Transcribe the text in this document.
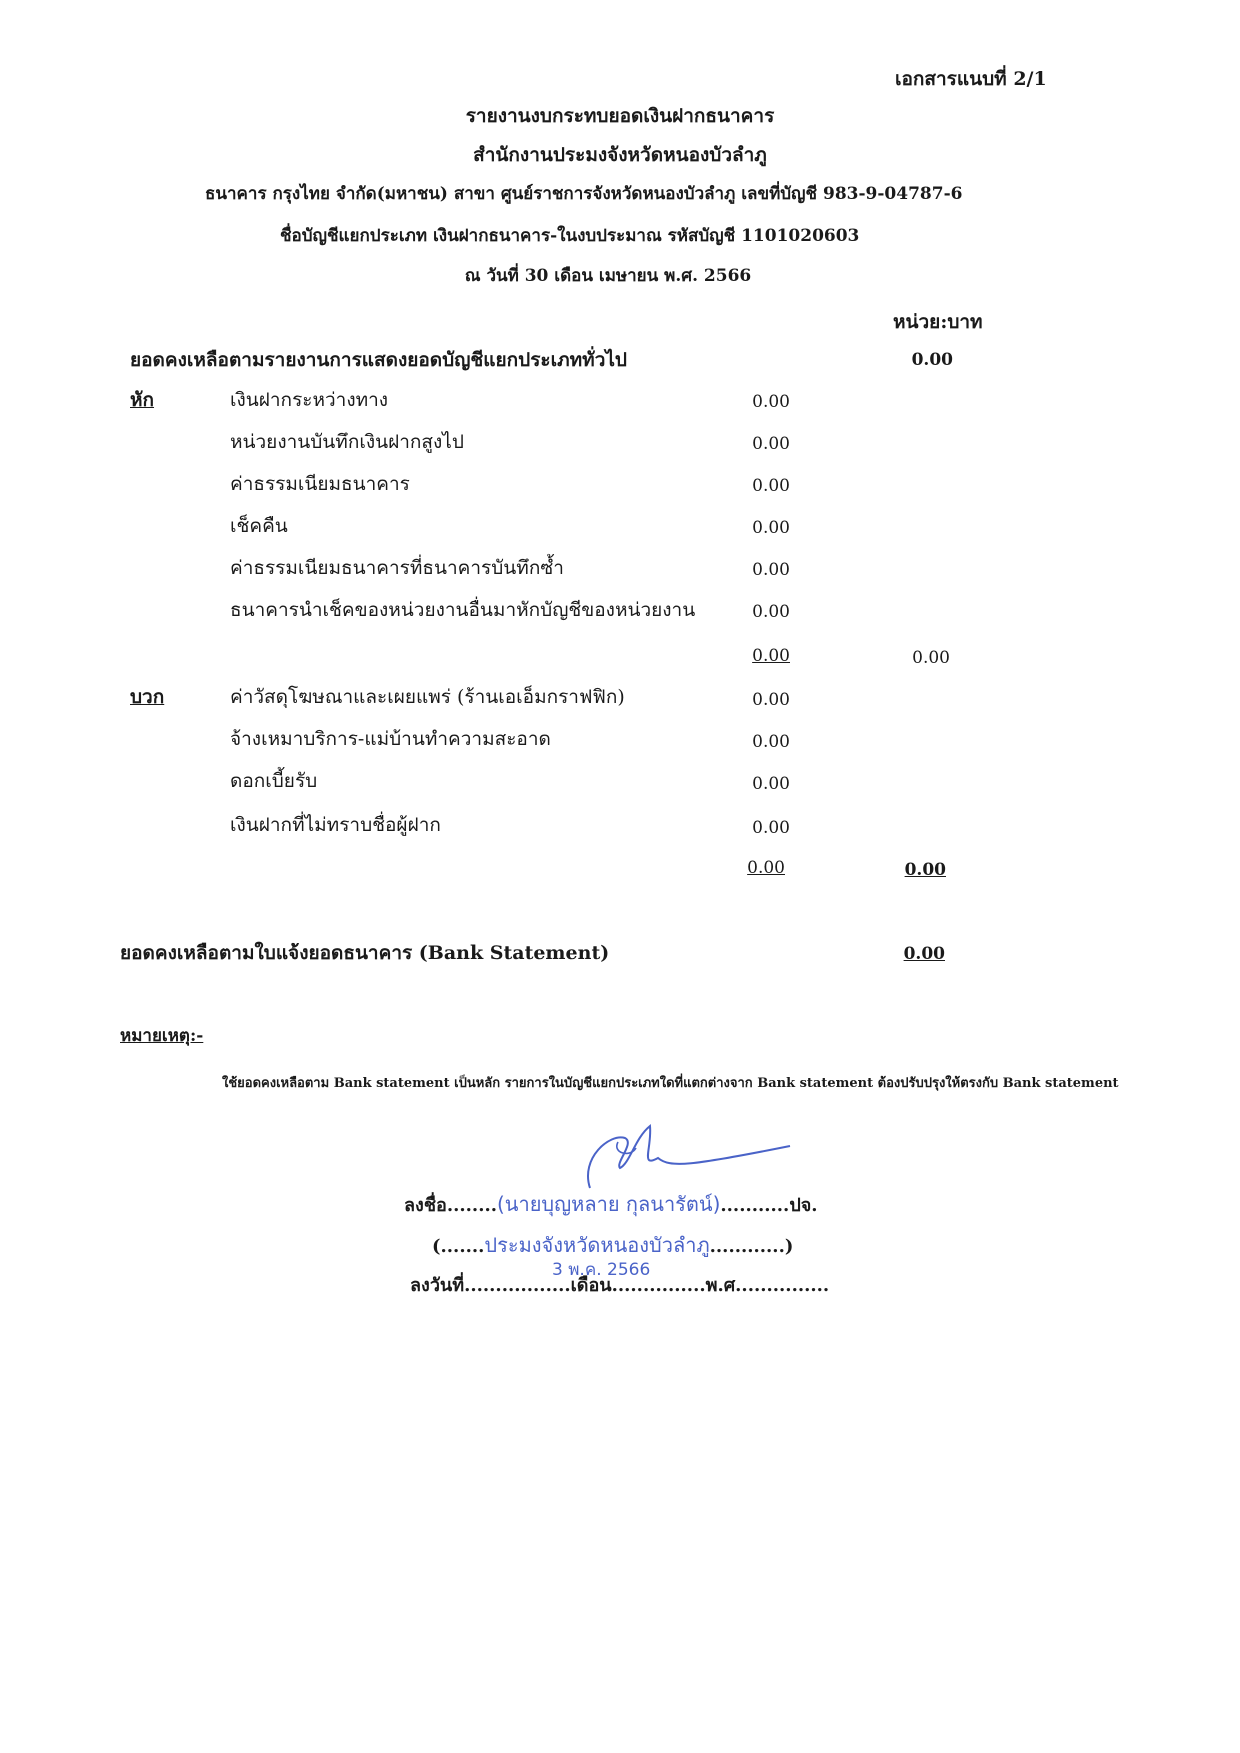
เอกสารแนบที่ 2/1
รายงานงบกระทบยอดเงินฝากธนาคาร
สำนักงานประมงจังหวัดหนองบัวลำภู
ธนาคาร กรุงไทย จำกัด(มหาชน) สาขา ศูนย์ราชการจังหวัดหนองบัวลำภู เลขที่บัญชี 983-9-04787-6
ชื่อบัญชีแยกประเภท เงินฝากธนาคาร-ในงบประมาณ รหัสบัญชี 1101020603
ณ วันที่ 30 เดือน เมษายน พ.ศ. 2566
หน่วย:บาท
ยอดคงเหลือตามรายงานการแสดงยอดบัญชีแยกประเภททั่วไป	0.00
หัก	เงินฝากระหว่างทาง	0.00
หน่วยงานบันทึกเงินฝากสูงไป	0.00
ค่าธรรมเนียมธนาคาร	0.00
เช็คคืน	0.00
ค่าธรรมเนียมธนาคารที่ธนาคารบันทึกซ้ำ	0.00
ธนาคารนำเช็คของหน่วยงานอื่นมาหักบัญชีของหน่วยงาน	0.00
0.00	0.00
บวก	ค่าวัสดุโฆษณาและเผยแพร่ (ร้านเอเอ็มกราฟฟิก)	0.00
จ้างเหมาบริการ-แม่บ้านทำความสะอาด	0.00
ดอกเบี้ยรับ	0.00
เงินฝากที่ไม่ทราบชื่อผู้ฝาก	0.00
0.00	0.00
ยอดคงเหลือตามใบแจ้งยอดธนาคาร (Bank Statement)	0.00
หมายเหตุ:-
ใช้ยอดคงเหลือตาม Bank statement เป็นหลัก รายการในบัญชีแยกประเภทใดที่แตกต่างจาก Bank statement ต้องปรับปรุงให้ตรงกับ Bank statement
ลงชื่อ........(นายบุญหลาย กุลนารัตน์)...........ปจ.
(.......ประมงจังหวัดหนองบัวลำภู............)
3 พ.ค. 2566
ลงวันที่.................เดือน...............พ.ศ...............
